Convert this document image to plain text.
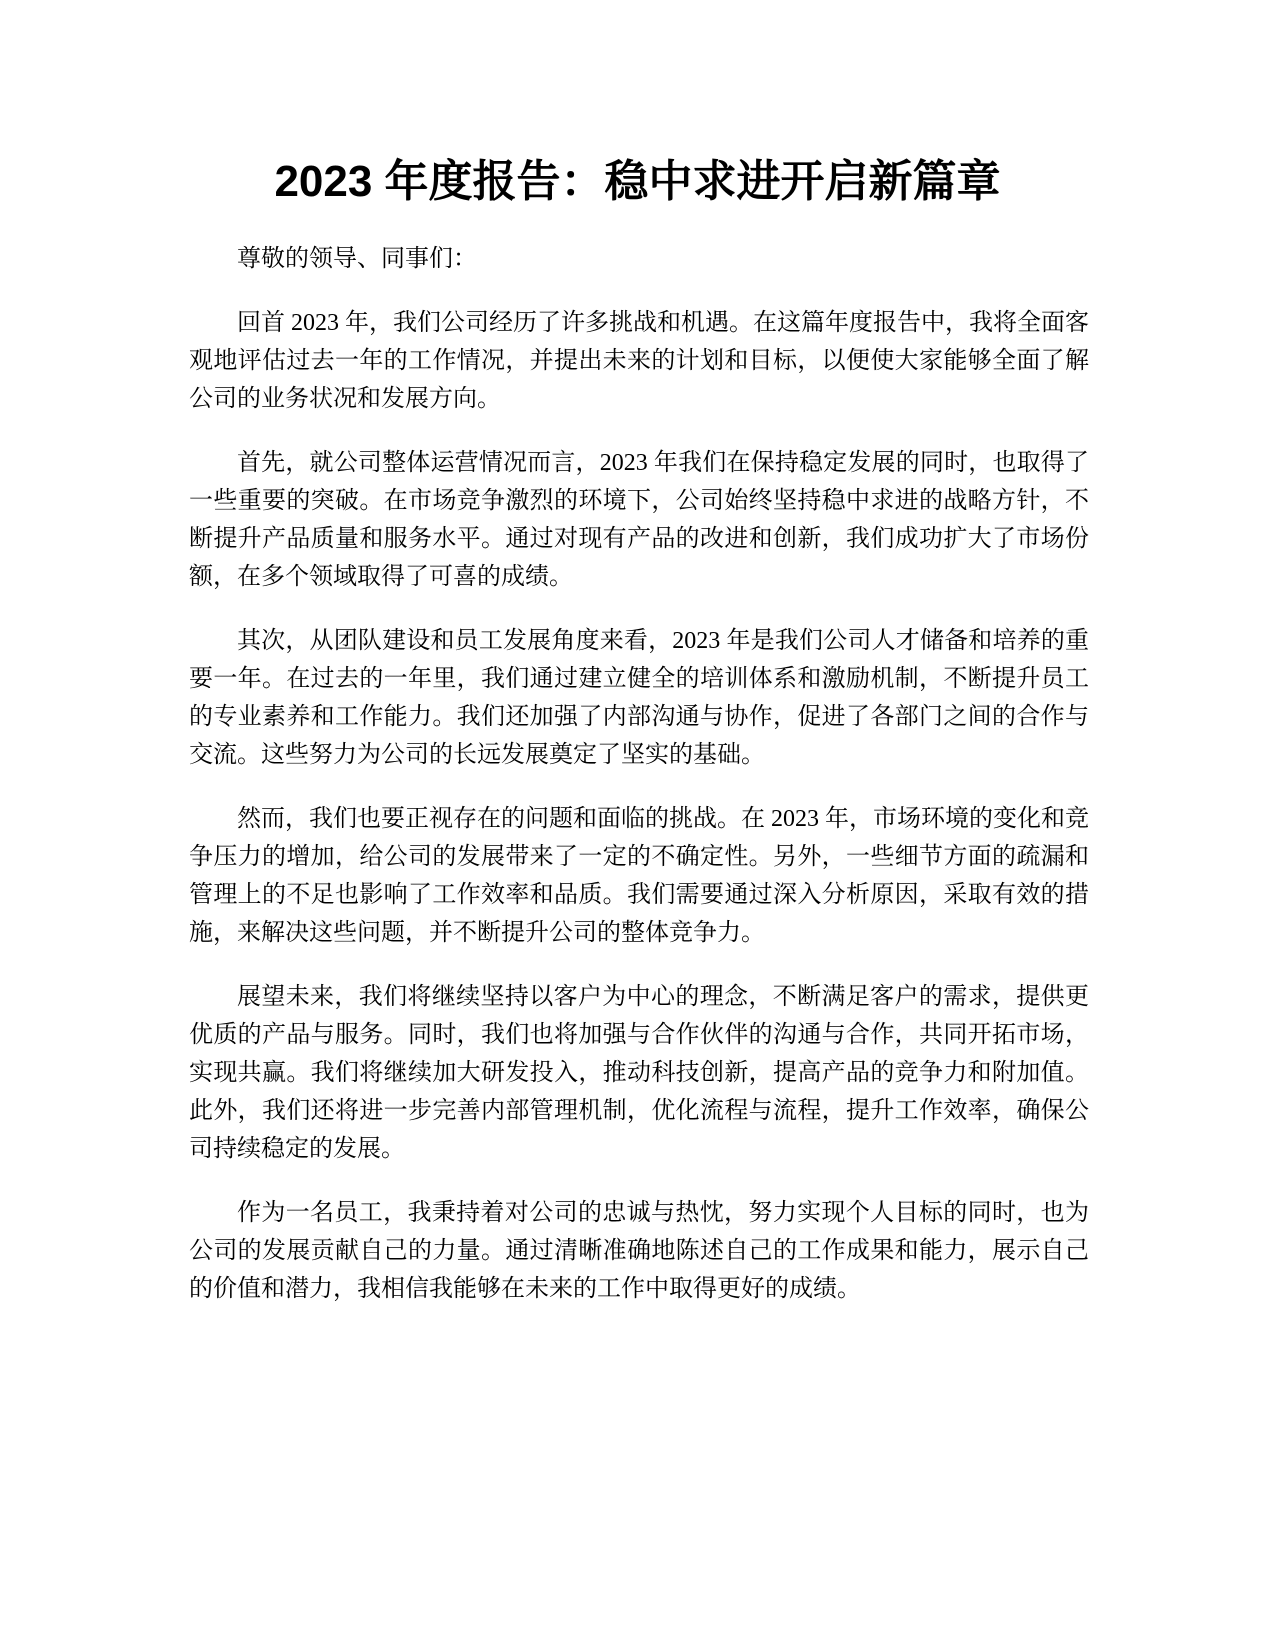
2023 年度报告：稳中求进开启新篇章

尊敬的领导、同事们：

回首 2023 年，我们公司经历了许多挑战和机遇。在这篇年度报告中，我将全面客观地评估过去一年的工作情况，并提出未来的计划和目标，以便使大家能够全面了解公司的业务状况和发展方向。

首先，就公司整体运营情况而言，2023 年我们在保持稳定发展的同时，也取得了一些重要的突破。在市场竞争激烈的环境下，公司始终坚持稳中求进的战略方针，不断提升产品质量和服务水平。通过对现有产品的改进和创新，我们成功扩大了市场份额，在多个领域取得了可喜的成绩。

其次，从团队建设和员工发展角度来看，2023 年是我们公司人才储备和培养的重要一年。在过去的一年里，我们通过建立健全的培训体系和激励机制，不断提升员工的专业素养和工作能力。我们还加强了内部沟通与协作，促进了各部门之间的合作与交流。这些努力为公司的长远发展奠定了坚实的基础。

然而，我们也要正视存在的问题和面临的挑战。在 2023 年，市场环境的变化和竞争压力的增加，给公司的发展带来了一定的不确定性。另外，一些细节方面的疏漏和管理上的不足也影响了工作效率和品质。我们需要通过深入分析原因，采取有效的措施，来解决这些问题，并不断提升公司的整体竞争力。

展望未来，我们将继续坚持以客户为中心的理念，不断满足客户的需求，提供更优质的产品与服务。同时，我们也将加强与合作伙伴的沟通与合作，共同开拓市场，实现共赢。我们将继续加大研发投入，推动科技创新，提高产品的竞争力和附加值。此外，我们还将进一步完善内部管理机制，优化流程与流程，提升工作效率，确保公司持续稳定的发展。

作为一名员工，我秉持着对公司的忠诚与热忱，努力实现个人目标的同时，也为公司的发展贡献自己的力量。通过清晰准确地陈述自己的工作成果和能力，展示自己的价值和潜力，我相信我能够在未来的工作中取得更好的成绩。
